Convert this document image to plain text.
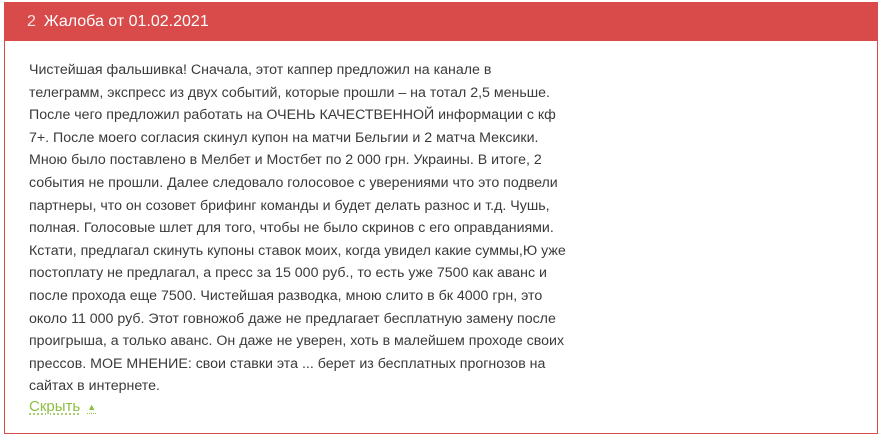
2 Жалоба от 01.02.2021
Чистейшая фальшивка! Сначала, этот каппер предложил на канале в телеграмм, экспресс из двух событий, которые прошли – на тотал 2,5 меньше. После чего предложил работать на ОЧЕНЬ КАЧЕСТВЕННОЙ информации с кф 7+. После моего согласия скинул купон на матчи Бельгии и 2 матча Мексики. Мною было поставлено в Мелбет и Мостбет по 2 000 грн. Украины. В итоге, 2 события не прошли. Далее следовало голосовое с уверениями что это подвели партнеры, что он созовет брифинг команды и будет делать разнос и т.д. Чушь, полная. Голосовые шлет для того, чтобы не было скринов с его оправданиями. Кстати, предлагал скинуть купоны ставок моих, когда увидел какие суммы,Ю уже постоплату не предлагал, а пресс за 15 000 руб., то есть уже 7500 как аванс и после прохода еще 7500. Чистейшая разводка, мною слито в бк 4000 грн, это около 11 000 руб. Этот говножоб даже не предлагает бесплатную замену после проигрыша, а только аванс. Он даже не уверен, хоть в малейшем проходе своих прессов. МОЕ МНЕНИЕ: свои ставки эта ... берет из бесплатных прогнозов на сайтах в интернете.
Скрыть ▲
